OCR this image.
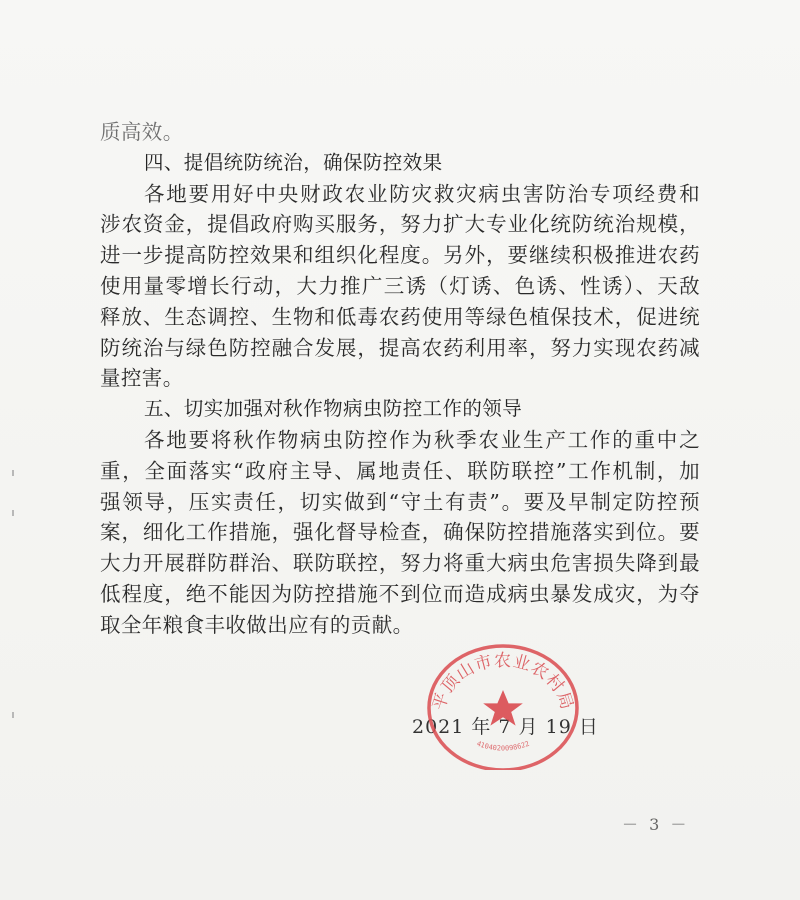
质高效。
四、提倡统防统治，确保防控效果
各地要用好中央财政农业防灾救灾病虫害防治专项经费和
涉农资金，提倡政府购买服务，努力扩大专业化统防统治规模，
进一步提高防控效果和组织化程度。另外，要继续积极推进农药
使用量零增长行动，大力推广三诱（灯诱、色诱、性诱）、天敌
释放、生态调控、生物和低毒农药使用等绿色植保技术，促进统
防统治与绿色防控融合发展，提高农药利用率，努力实现农药减
量控害。
五、切实加强对秋作物病虫防控工作的领导
各地要将秋作物病虫防控作为秋季农业生产工作的重中之
重，全面落实“政府主导、属地责任、联防联控”工作机制，加
强领导，压实责任，切实做到“守土有责”。要及早制定防控预
案，细化工作措施，强化督导检查，确保防控措施落实到位。要
大力开展群防群治、联防联控，努力将重大病虫危害损失降到最
低程度，绝不能因为防控措施不到位而造成病虫暴发成灾，为夺
取全年粮食丰收做出应有的贡献。
2021 年 7 月 19 日
平顶山市农业农村局
4104020098622
－ 3 －
